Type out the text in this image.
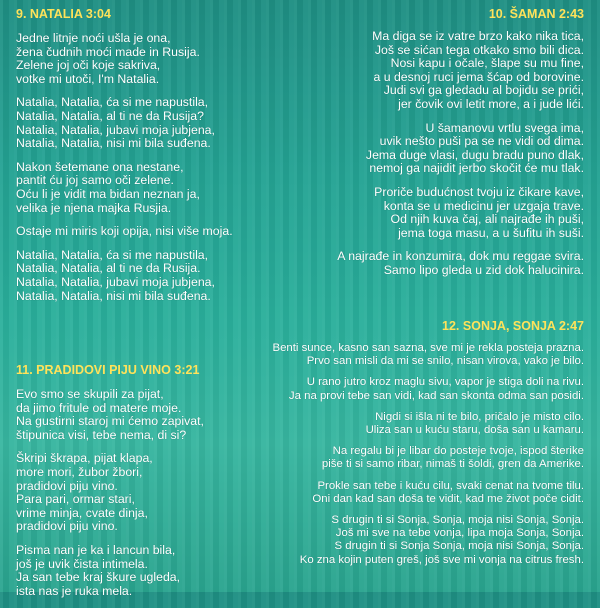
9. NATALIA 3:04
Jedne litnje noći ušla je ona,
žena čudnih moći made in Rusija.
Zelene joj oči koje sakriva,
votke mi utoči, I'm Natalia.
Natalia, Natalia, ća si me napustila,
Natalia, Natalia, al ti ne da Rusija?
Natalia, Natalia, jubavi moja jubjena,
Natalia, Natalia, nisi mi bila suđena.
Nakon šetemane ona nestane,
pantit ću joj samo oči zelene.
Oću li je vidit ma bidan neznan ja,
velika je njena majka Rusjia.
Ostaje mi miris koji opija, nisi više moja.
Natalia, Natalia, ća si me napustila,
Natalia, Natalia, al ti ne da Rusija.
Natalia, Natalia, jubavi moja jubjena,
Natalia, Natalia, nisi mi bila suđena.
11. PRADIDOVI PIJU VINO 3:21
Evo smo se skupili za pijat,
da jimo fritule od matere moje.
Na gustirni staroj mi ćemo zapivat,
štipunica visi, tebe nema, di si?
Škripi škrapa, pijat klapa,
more mori, žubor žbori,
pradidovi piju vino.
Para pari, ormar stari,
vrime minja, cvate dinja,
pradidovi piju vino.
Pisma nan je ka i lancun bila,
još je uvik čista intimela.
Ja san tebe kraj škure ugleda,
ista nas je ruka mela.
10. ŠAMAN 2:43
Ma diga se iz vatre brzo kako nika tica,
Još se sićan tega otkako smo bili dica.
Nosi kapu i očale, šlape su mu fine,
a u desnoj ruci jema šćap od borovine.
Judi svi ga gledadu al bojidu se prići,
jer čovik ovi letit more, a i jude lići.
U šamanovu vrtlu svega ima,
uvik nešto puši pa se ne vidi od dima.
Jema duge vlasi, dugu bradu puno dlak,
nemoj ga najidit jerbo skočit će mu tlak.
Proriče budućnost tvoju iz čikare kave,
konta se u medicinu jer uzgaja trave.
Od njih kuva čaj, ali najrađe ih puši,
jema toga masu, a u šufitu ih suši.
A najrađe in konzumira, dok mu reggae svira.
Samo lipo gleda u zid dok halucinira.
12. SONJA, SONJA 2:47
Benti sunce, kasno san sazna, sve mi je rekla posteja prazna.
Prvo san misli da mi se snilo, nisan virova, vako je bilo.
U rano jutro kroz maglu sivu, vapor je stiga doli na rivu.
Ja na provi tebe san vidi, kad san skonta odma san posidi.
Nigdi si išla ni te bilo, pričalo je misto cilo.
Uliza san u kuću staru, doša san u kamaru.
Na regalu bi je libar do posteje tvoje, ispod šterike
piše ti si samo ribar, nimaš ti šoldi, gren da Amerike.
Prokle san tebe i kuću cilu, svaki cenat na tvome tilu.
Oni dan kad san doša te vidit, kad me život poče cidit.
S drugin ti si Sonja, Sonja, moja nisi Sonja, Sonja.
Još mi sve na tebe vonja, lipa moja Sonja, Sonja.
S drugin ti si Sonja Sonja, moja nisi Sonja, Sonja.
Ko zna kojin puten greš, još sve mi vonja na citrus fresh.
